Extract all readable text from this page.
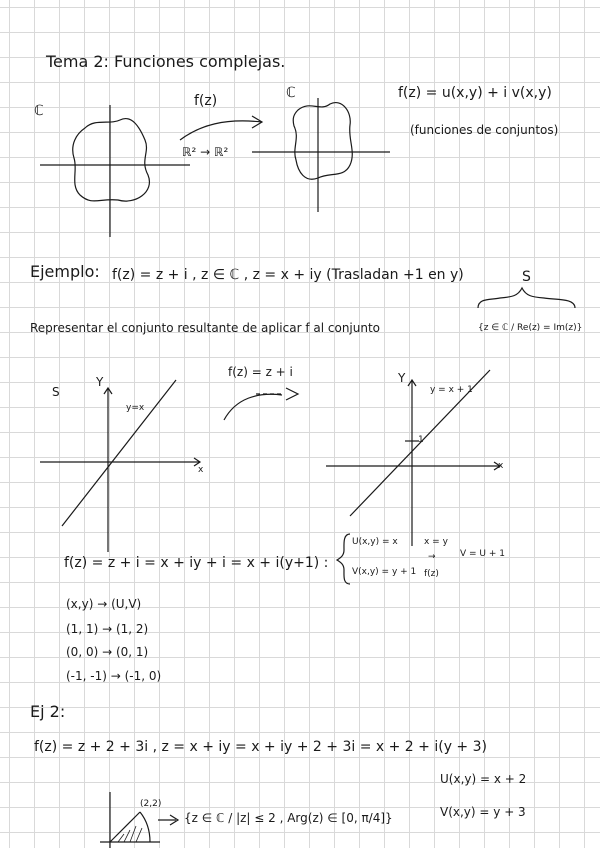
Tema 2: Funciones complejas.
ℂ
f(z)
ℝ² → ℝ²
ℂ	f(z) = u(x,y) + i v(x,y)
(funciones de conjuntos)
Ejemplo: f(z) = z + i , z ∈ ℂ , z = x + iy (Trasladan +1 en y)	S
Representar el conjunto resultante de aplicar f al conjunto	{z ∈ ℂ / Re(z) = Im(z)}
S
Y
x
y=x
f(z) = z + i	Y
x
y = x + 1
1
f(z) = z + i = x + iy + i = x + i(y+1) :
U(x,y) = x
V(x,y) = y + 1
x = y
→
f(z)
V = U + 1
(x,y) → (U,V)
(1, 1) → (1, 2)
(0, 0) → (0, 1)
(-1, -1) → (-1, 0)
Ej 2:
f(z) = z + 2 + 3i , z = x + iy = x + iy + 2 + 3i = x + 2 + i(y + 3)
U(x,y) = x + 2
V(x,y) = y + 3
(2,2)
{z ∈ ℂ / |z| ≤ 2 , Arg(z) ∈ [0, π/4]}
